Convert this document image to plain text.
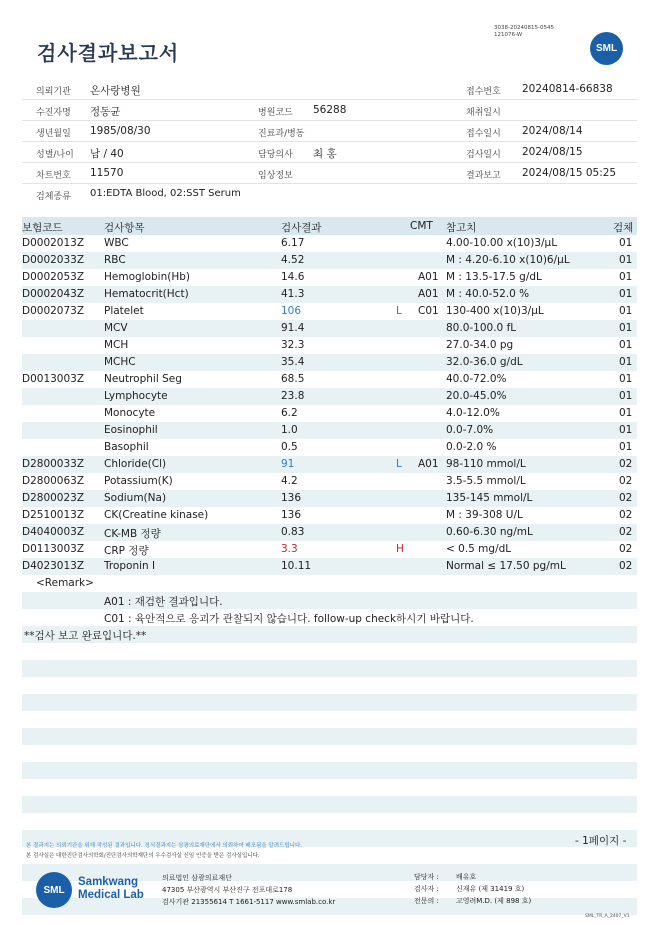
3038-20240815-0545
121076-W
검사결과보고서	SML
의뢰기관 온사랑병원	접수번호 20240814-66838
수진자명 정동균	병원코드 56288	채취일시
생년월일 1985/08/30	진료과/병동	접수일시 2024/08/14
성별/나이 남 / 40	담당의사 최 홍	검사일시 2024/08/15
차트번호 11570	임상정보	결과보고 2024/08/15 05:25
검체종류 01:EDTA Blood, 02:SST Serum
보험코드	검사항목	검사결과	CMT 참고치	검체
D0002013Z WBC	6.17	4.00-10.00 x(10)3/μL	01
D0002033Z RBC	4.52	M : 4.20-6.10 x(10)6/μL	01
D0002053Z Hemoglobin(Hb)	14.6	A01 M : 13.5-17.5 g/dL	01
D0002043Z Hematocrit(Hct)	41.3	A01 M : 40.0-52.0 %	01
D0002073Z Platelet	106	L C01 130-400 x(10)3/μL	01
MCV	91.4	80.0-100.0 fL	01
MCH	32.3	27.0-34.0 pg	01
MCHC	35.4	32.0-36.0 g/dL	01
D0013003Z Neutrophil Seg	68.5	40.0-72.0%	01
Lymphocyte	23.8	20.0-45.0%	01
Monocyte	6.2	4.0-12.0%	01
Eosinophil	1.0	0.0-7.0%	01
Basophil	0.5	0.0-2.0 %	01
D2800033Z Chloride(Cl)	91	L A01 98-110 mmol/L	02
D2800063Z Potassium(K)	4.2	3.5-5.5 mmol/L	02
D2800023Z Sodium(Na)	136	135-145 mmol/L	02
D2510013Z CK(Creatine kinase)	136	M : 39-308 U/L	02
D4040003Z CK-MB 정량	0.83	0.60-6.30 ng/mL	02
D0113003Z CRP 정량	3.3	H	< 0.5 mg/dL	02
D4023013Z Troponin I	10.11	Normal ≤ 17.50 pg/mL	02
<Remark>
A01 : 재검한 결과입니다.
C01 : 육안적으로 응괴가 관찰되지 않습니다. follow-up check하시기 바랍니다.
**검사 보고 완료입니다.**
- 1페이지 -
본 결과지는 의뢰기관을 위해 작성된 결과입니다. 정식결과지는 삼광의료재단에서 의뢰하여 배포됨을 알려드립니다.
본 검사실은 대한진단검사의학회/진단검사의학재단의 우수검사실 신임 인증을 받은 검사실입니다.
SML
Samkwang
Medical Lab
의료법인 삼광의료재단
47305 부산광역시 부산진구 전포대로178
검사기관 21355614 T 1661-5117 www.smlab.co.kr
담당자 : 배유호
검사자 : 신재유 (제 31419 호)
전문의 : 고영려M.D. (제 898 호)
SML_TR_A_2407_V1
